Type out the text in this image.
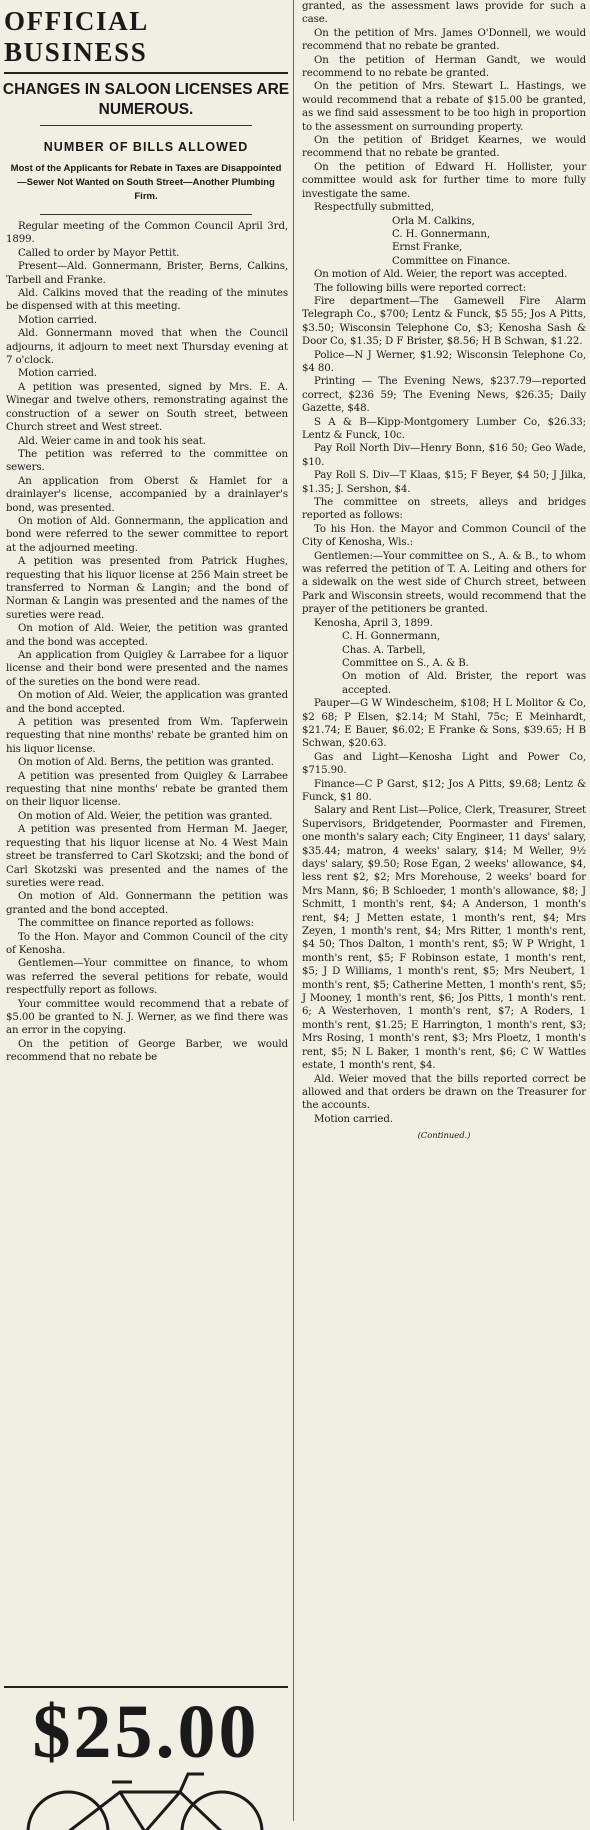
OFFICIAL BUSINESS
CHANGES IN SALOON LICENSES ARE NUMEROUS.
NUMBER OF BILLS ALLOWED
Most of the Applicants for Rebate in Taxes are Disappointed—Sewer Not Wanted on South Street—Another Plumbing Firm.

Regular meeting of the Common Council April 3rd, 1899.

Called to order by Mayor Pettit.

Present—Ald. Gonnermann, Brister, Berns, Calkins, Tarbell and Franke.

Ald. Calkins moved that the reading of the minutes be dispensed with at this meeting.

Motion carried.

Ald. Gonnermann moved that when the Council adjourns, it adjourn to meet next Thursday evening at 7 o'clock.

Motion carried.

A petition was presented, signed by Mrs. E. A. Winegar and twelve others, remonstrating against the construction of a sewer on South street, between Church street and West street.

Ald. Weier came in and took his seat.

The petition was referred to the committee on sewers.

An application from Oberst & Hamlet for a drainlayer's license, accompanied by a drainlayer's bond, was presented.

On motion of Ald. Gonnermann, the application and bond were referred to the sewer committee to report at the adjourned meeting.

A petition was presented from Patrick Hughes, requesting that his liquor license at 256 Main street be transferred to Norman & Langin; and the bond of Norman & Langin was presented and the names of the sureties were read.

On motion of Ald. Weier, the petition was granted and the bond was accepted.

An application from Quigley & Larrabee for a liquor license and their bond were presented and the names of the sureties on the bond were read.

On motion of Ald. Weier, the application was granted and the bond accepted.

A petition was presented from Wm. Tapferwein requesting that nine months' rebate be granted him on his liquor license.

On motion of Ald. Berns, the petition was granted.

A petition was presented from Quigley & Larrabee requesting that nine months' rebate be granted them on their liquor license.

On motion of Ald. Weier, the petition was granted.

A petition was presented from Herman M. Jaeger, requesting that his liquor license at No. 4 West Main street be transferred to Carl Skotzski; and the bond of Carl Skotzski was presented and the names of the sureties were read.

On motion of Ald. Gonnermann the petition was granted and the bond accepted.

The committee on finance reported as follows:

To the Hon. Mayor and Common Council of the city of Kenosha.

Gentlemen—Your committee on finance, to whom was referred the several petitions for rebate, would respectfully report as follows.

Your committee would recommend that a rebate of $5.00 be granted to N. J. Werner, as we find there was an error in the copying.

On the petition of George Barber, we would recommend that no rebate be

$25.00

granted, as the assessment laws provide for such a case.

On the petition of Mrs. James O'Donnell, we would recommend that no rebate be granted.

On the petition of Herman Gandt, we would recommend to no rebate be granted.

On the petition of Mrs. Stewart L. Hastings, we would recommend that a rebate of $15.00 be granted, as we find said assessment to be too high in proportion to the assessment on surrounding property.

On the petition of Bridget Kearnes, we would recommend that no rebate be granted.

On the petition of Edward H. Hollister, your committee would ask for further time to more fully investigate the same.

Respectfully submitted,

Orla M. Calkins,

C. H. Gonnermann,

Ernst Franke,

Committee on Finance.

On motion of Ald. Weier, the report was accepted.

The following bills were reported correct:

Fire department—The Gamewell Fire Alarm Telegraph Co., $700; Lentz & Funck, $5 55; Jos A Pitts, $3.50; Wisconsin Telephone Co, $3; Kenosha Sash & Door Co, $1.35; D F Brister, $8.56; H B Schwan, $1.22.

Police—N J Werner, $1.92; Wisconsin Telephone Co, $4 80.

Printing — The Evening News, $237.79—reported correct, $236 59; The Evening News, $26.35; Daily Gazette, $48.

S A & B—Kipp-Montgomery Lumber Co, $26.33; Lentz & Funck, 10c.

Pay Roll North Div—Henry Bonn, $16 50; Geo Wade, $10.

Pay Roll S. Div—T Klaas, $15; F Beyer, $4 50; J Jilka, $1.35; J. Sershon, $4.

The committee on streets, alleys and bridges reported as follows:

To his Hon. the Mayor and Common Council of the City of Kenosha, Wis.:

Gentlemen:—Your committee on S., A. & B., to whom was referred the petition of T. A. Leiting and others for a sidewalk on the west side of Church street, between Park and Wisconsin streets, would recommend that the prayer of the petitioners be granted.

Kenosha, April 3, 1899.

C. H. Gonnermann,

Chas. A. Tarbell,

Committee on S., A. & B.

On motion of Ald. Brister, the report was accepted.

Pauper—G W Windescheim, $108; H L Molitor & Co, $2 68; P Elsen, $2.14; M Stahl, 75c; E Meinhardt, $21.74; E Bauer, $6.02; E Franke & Sons, $39.65; H B Schwan, $20.63.

Gas and Light—Kenosha Light and Power Co, $715.90.

Finance—C P Garst, $12; Jos A Pitts, $9.68; Lentz & Funck, $1 80.

Salary and Rent List—Police, Clerk, Treasurer, Street Supervisors, Bridgetender, Poormaster and Firemen, one month's salary each; City Engineer, 11 days' salary, $35.44; matron, 4 weeks' salary, $14; M Weller, 9½ days' salary, $9.50; Rose Egan, 2 weeks' allowance, $4, less rent $2, $2; Mrs Morehouse, 2 weeks' board for Mrs Mann, $6; B Schloeder, 1 month's allowance, $8; J Schmitt, 1 month's rent, $4; A Anderson, 1 month's rent, $4; J Metten estate, 1 month's rent, $4; Mrs Zeyen, 1 month's rent, $4; Mrs Ritter, 1 month's rent, $4 50; Thos Dalton, 1 month's rent, $5; W P Wright, 1 month's rent, $5; F Robinson estate, 1 month's rent, $5; J D Williams, 1 month's rent, $5; Mrs Neubert, 1 month's rent, $5; Catherine Metten, 1 month's rent, $5; J Mooney, 1 month's rent, $6; Jos Pitts, 1 month's rent. 6; A Westerhoven, 1 month's rent, $7; A Roders, 1 month's rent, $1.25; E Harrington, 1 month's rent, $3; Mrs Rosing, 1 month's rent, $3; Mrs Ploetz, 1 month's rent, $5; N L Baker, 1 month's rent, $6; C W Wattles estate, 1 month's rent, $4.

Ald. Weier moved that the bills reported correct be allowed and that orders be drawn on the Treasurer for the accounts.

Motion carried.

(Continued.)
